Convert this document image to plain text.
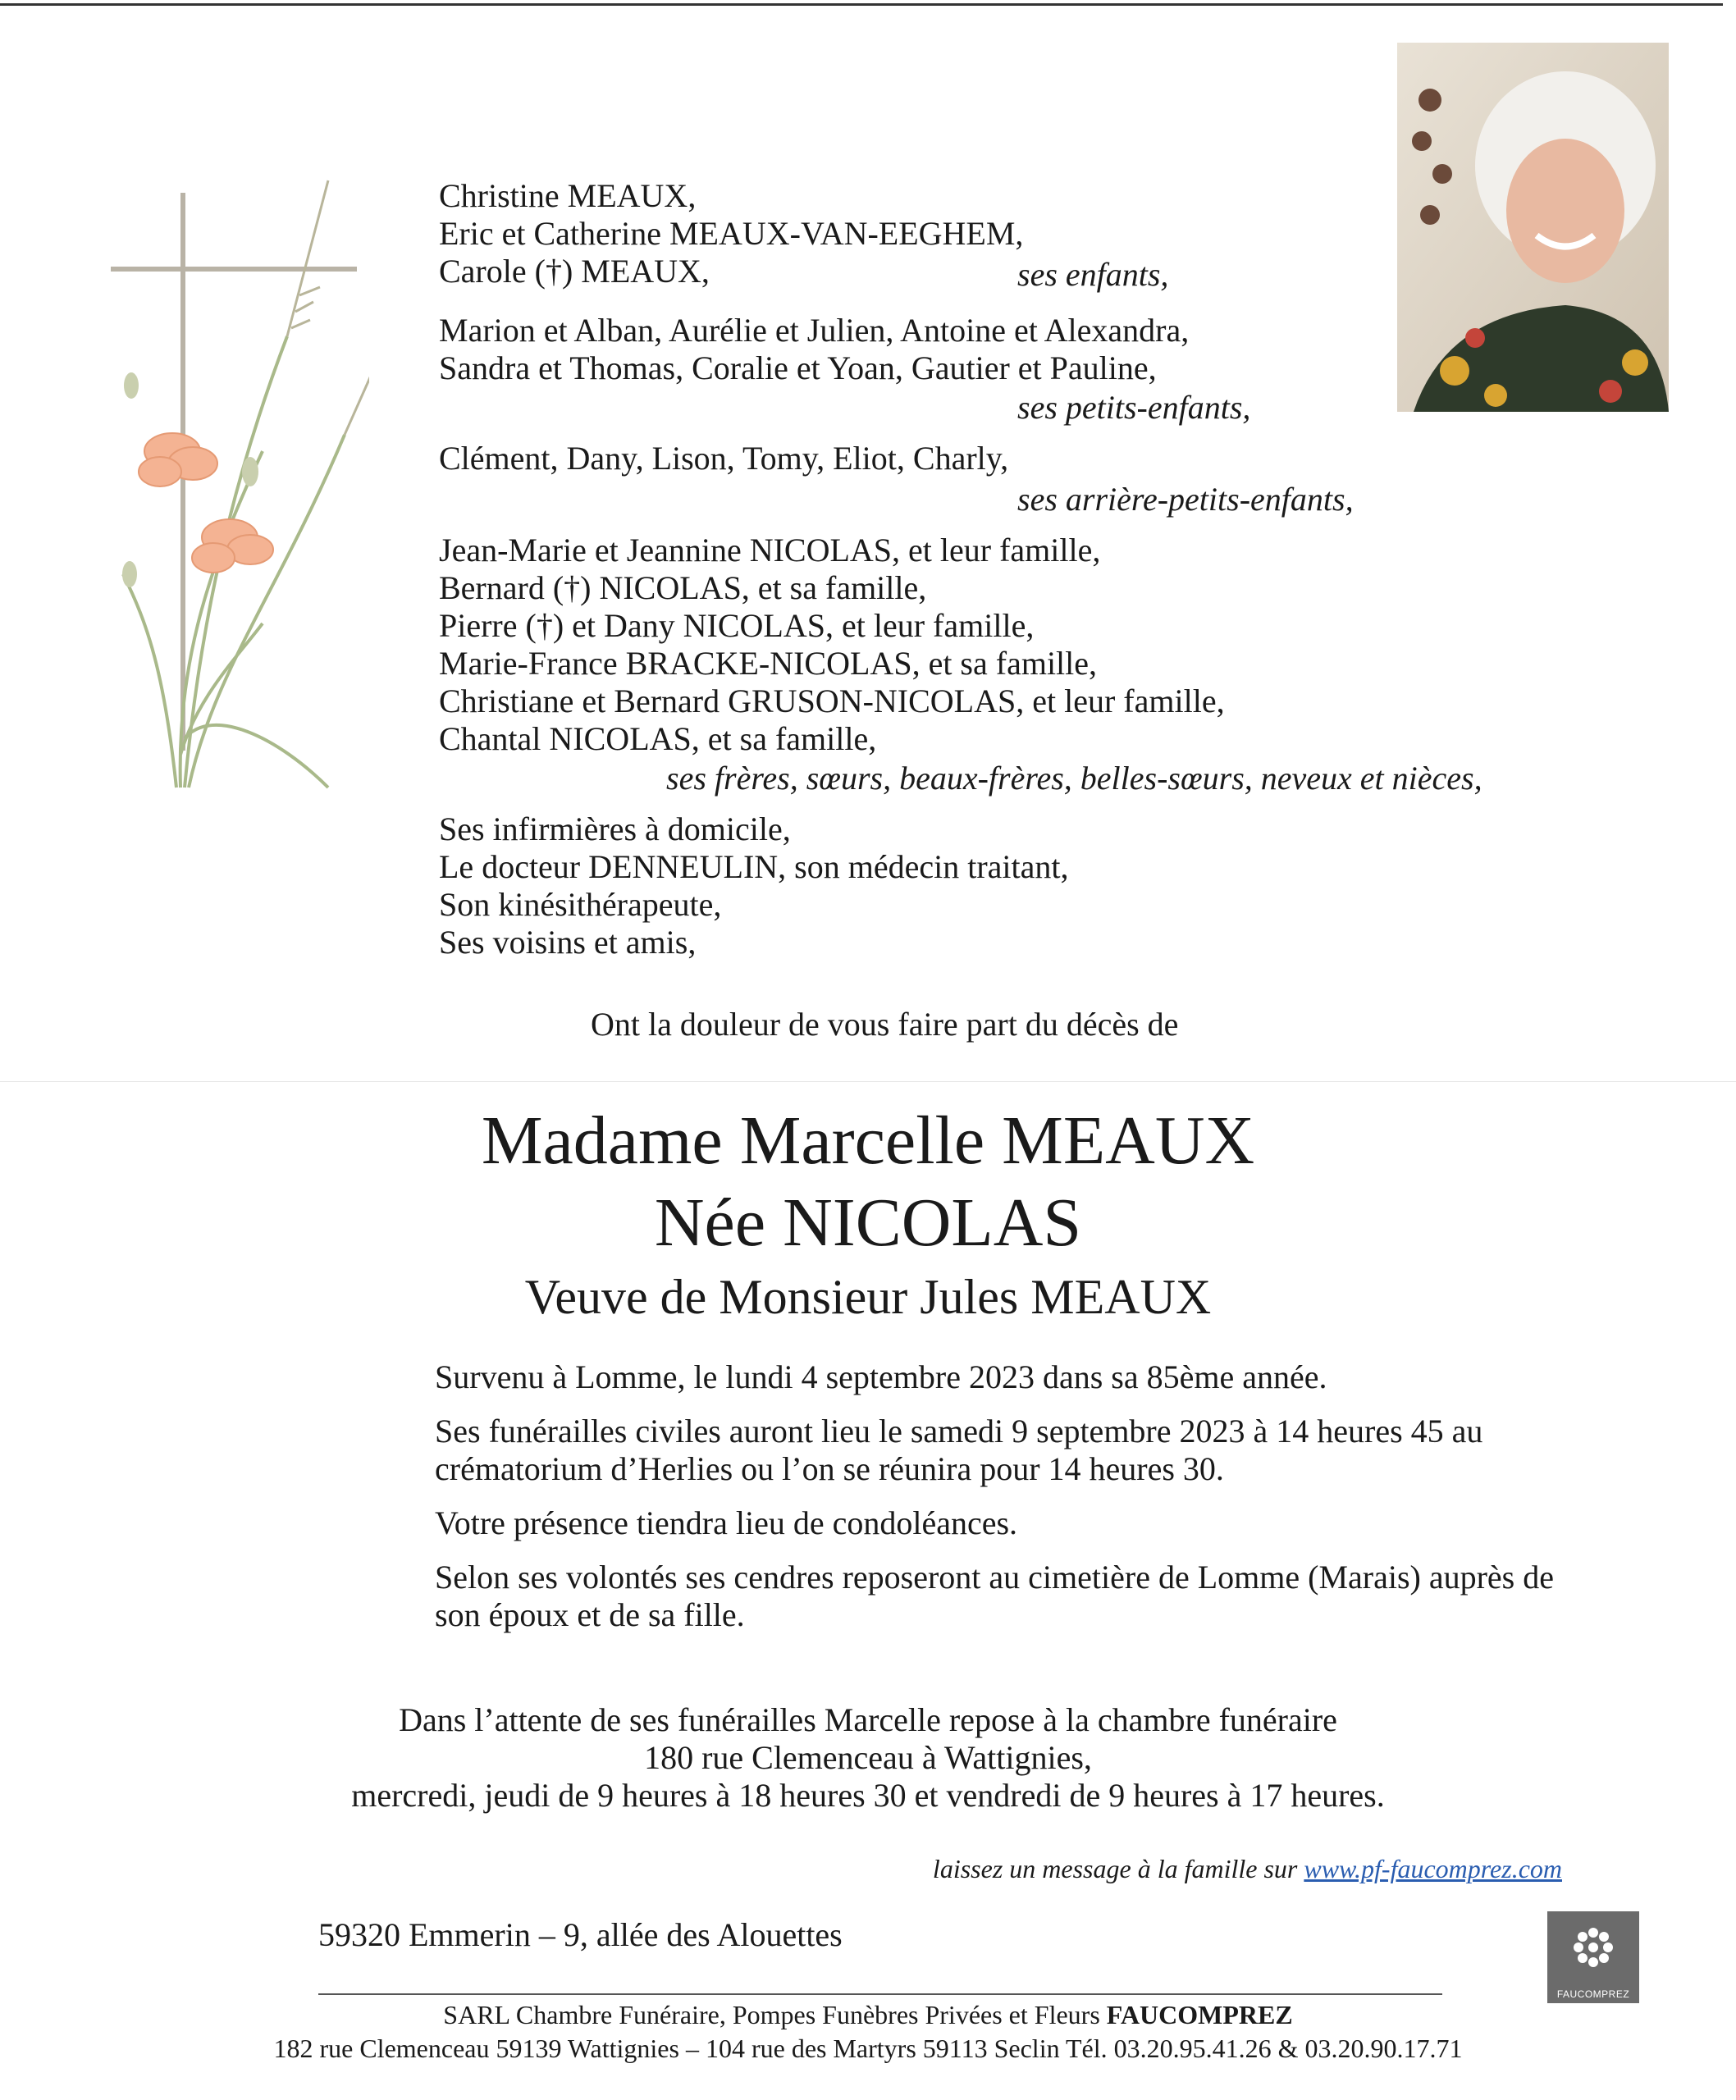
Christine MEAUX,
Eric et Catherine MEAUX-VAN-EEGHEM,
Carole (†) MEAUX,	ses enfants,
Marion et Alban, Aurélie et Julien, Antoine et Alexandra,
Sandra et Thomas, Coralie et Yoan, Gautier et Pauline,
ses petits-enfants,
Clément, Dany, Lison, Tomy, Eliot, Charly,
ses arrière-petits-enfants,
Jean-Marie et Jeannine NICOLAS, et leur famille,
Bernard (†) NICOLAS, et sa famille,
Pierre (†) et Dany NICOLAS, et leur famille,
Marie-France BRACKE-NICOLAS, et sa famille,
Christiane et Bernard GRUSON-NICOLAS, et leur famille,
Chantal NICOLAS, et sa famille,
ses frères, sœurs, beaux-frères, belles-sœurs, neveux et nièces,
Ses infirmières à domicile,
Le docteur DENNEULIN, son médecin traitant,
Son kinésithérapeute,
Ses voisins et amis,
Ont la douleur de vous faire part du décès de
Madame Marcelle MEAUX
Née NICOLAS
Veuve de Monsieur Jules MEAUX
Survenu à Lomme, le lundi 4 septembre 2023 dans sa 85ème année.
Ses funérailles civiles auront lieu le samedi 9 septembre 2023 à 14 heures 45 au crématorium d’Herlies ou l’on se réunira pour 14 heures 30.
Votre présence tiendra lieu de condoléances.
Selon ses volontés ses cendres reposeront au cimetière de Lomme (Marais) auprès de son époux et de sa fille.
Dans l’attente de ses funérailles Marcelle repose à la chambre funéraire
180 rue Clemenceau à Wattignies,
mercredi, jeudi de 9 heures à 18 heures 30 et vendredi de 9 heures à 17 heures.
laissez un message à la famille sur www.pf-faucomprez.com
59320 Emmerin – 9, allée des Alouettes
FAUCOMPREZ
SARL Chambre Funéraire, Pompes Funèbres Privées et Fleurs FAUCOMPREZ
182 rue Clemenceau 59139 Wattignies – 104 rue des Martyrs 59113 Seclin Tél. 03.20.95.41.26 & 03.20.90.17.71
